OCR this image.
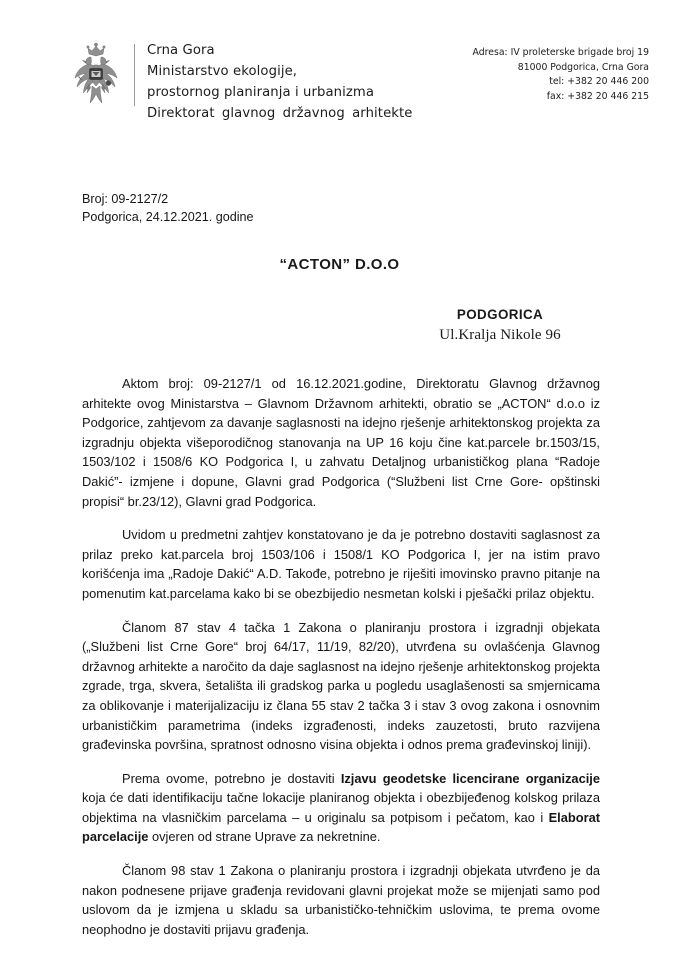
Crna Gora
Ministarstvo ekologije,
prostornog planiranja i urbanizma
Direktorat glavnog državnog arhitekte
Adresa: IV proleterske brigade broj 19
81000 Podgorica, Crna Gora
tel: +382 20 446 200
fax: +382 20 446 215
Broj: 09-2127/2
Podgorica, 24.12.2021. godine
“ACTON” D.O.O
PODGORICA
Ul.Kralja Nikole 96

Aktom broj: 09-2127/1 od 16.12.2021.godine, Direktoratu Glavnog državnog arhitekte ovog Ministarstva – Glavnom Državnom arhitekti, obratio se „ACTON“ d.o.o iz Podgorice, zahtjevom za davanje saglasnosti na idejno rješenje arhitektonskog projekta za izgradnju objekta višeporodičnog stanovanja na UP 16 koju čine kat.parcele br.1503/15, 1503/102 i 1508/6 KO Podgorica I, u zahvatu Detaljnog urbanističkog plana “Radoje Dakić”- izmjene i dopune, Glavni grad Podgorica (“Službeni list Crne Gore- opštinski propisi“ br.23/12), Glavni grad Podgorica.

Uvidom u predmetni zahtjev konstatovano je da je potrebno dostaviti saglasnost za prilaz preko kat.parcela broj 1503/106 i 1508/1 KO Podgorica I, jer na istim pravo korišćenja ima „Radoje Dakić“ A.D. Takođe, potrebno je riješiti imovinsko pravno pitanje na pomenutim kat.parcelama kako bi se obezbijedio nesmetan kolski i pješački prilaz objektu.

Članom 87 stav 4 tačka 1 Zakona o planiranju prostora i izgradnji objekata („Službeni list Crne Gore“ broj 64/17, 11/19, 82/20), utvrđena su ovlašćenja Glavnog državnog arhitekte a naročito da daje saglasnost na idejno rješenje arhitektonskog projekta zgrade, trga, skvera, šetališta ili gradskog parka u pogledu usaglašenosti sa smjernicama za oblikovanje i materijalizaciju iz člana 55 stav 2 tačka 3 i stav 3 ovog zakona i osnovnim urbanističkim parametrima (indeks izgrađenosti, indeks zauzetosti, bruto razvijena građevinska površina, spratnost odnosno visina objekta i odnos prema građevinskoj liniji).

Prema ovome, potrebno je dostaviti Izjavu geodetske licencirane organizacije koja će dati identifikaciju tačne lokacije planiranog objekta i obezbijeđenog kolskog prilaza objektima na vlasničkim parcelama – u originalu sa potpisom i pečatom, kao i Elaborat parcelacije ovjeren od strane Uprave za nekretnine.

Članom 98 stav 1 Zakona o planiranju prostora i izgradnji objekata utvrđeno je da nakon podnesene prijave građenja revidovani glavni projekat može se mijenjati samo pod uslovom da je izmjena u skladu sa urbanističko-tehničkim uslovima, te prema ovome neophodno je dostaviti prijavu građenja.
